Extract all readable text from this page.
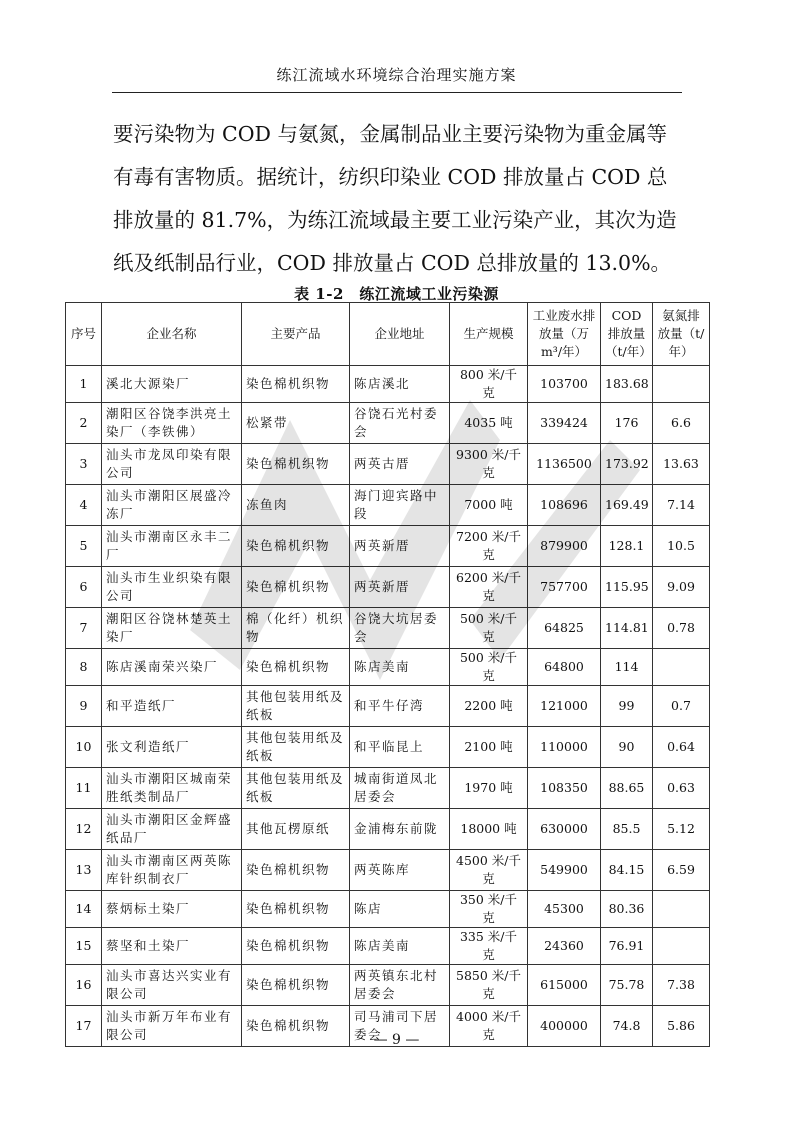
练江流域水环境综合治理实施方案

要污染物为 COD 与氨氮，金属制品业主要污染物为重金属等
有毒有害物质。据统计，纺织印染业 COD 排放量占 COD 总
排放量的 81.7%，为练江流域最主要工业污染产业，其次为造
纸及纸制品行业，COD 排放量占 COD 总排放量的 13.0%。

表 1-2　练江流域工业污染源
序号	企业名称	主要产品	企业地址	生产规模	工业废水排放量（万 m³/年）	COD 排放量（t/年）	氨氮排放量（t/年）
1	溪北大源染厂	染色棉机织物	陈店溪北	800 米/千克	103700	183.68	
2	潮阳区谷饶李洪亮土染厂（李铁佛）	松紧带	谷饶石光村委会	4035 吨	339424	176	6.6
3	汕头市龙凤印染有限公司	染色棉机织物	两英古厝	9300 米/千克	1136500	173.92	13.63
4	汕头市潮阳区展盛冷冻厂	冻鱼肉	海门迎宾路中段	7000 吨	108696	169.49	7.14
5	汕头市潮南区永丰二厂	染色棉机织物	两英新厝	7200 米/千克	879900	128.1	10.5
6	汕头市生业织染有限公司	染色棉机织物	两英新厝	6200 米/千克	757700	115.95	9.09
7	潮阳区谷饶林楚英土染厂	棉（化纤）机织物	谷饶大坑居委会	500 米/千克	64825	114.81	0.78
8	陈店溪南荣兴染厂	染色棉机织物	陈店美南	500 米/千克	64800	114	
9	和平造纸厂	其他包装用纸及纸板	和平牛仔湾	2200 吨	121000	99	0.7
10	张文利造纸厂	其他包装用纸及纸板	和平临昆上	2100 吨	110000	90	0.64
11	汕头市潮阳区城南荣胜纸类制品厂	其他包装用纸及纸板	城南街道凤北居委会	1970 吨	108350	88.65	0.63
12	汕头市潮阳区金辉盛纸品厂	其他瓦楞原纸	金浦梅东前陇	18000 吨	630000	85.5	5.12
13	汕头市潮南区两英陈库针织制衣厂	染色棉机织物	两英陈库	4500 米/千克	549900	84.15	6.59
14	蔡炳标土染厂	染色棉机织物	陈店	350 米/千克	45300	80.36	
15	蔡坚和土染厂	染色棉机织物	陈店美南	335 米/千克	24360	76.91	
16	汕头市喜达兴实业有限公司	染色棉机织物	两英镇东北村居委会	5850 米/千克	615000	75.78	7.38
17	汕头市新万年布业有限公司	染色棉机织物	司马浦司下居委会	4000 米/千克	400000	74.8	5.86
— 9 —
